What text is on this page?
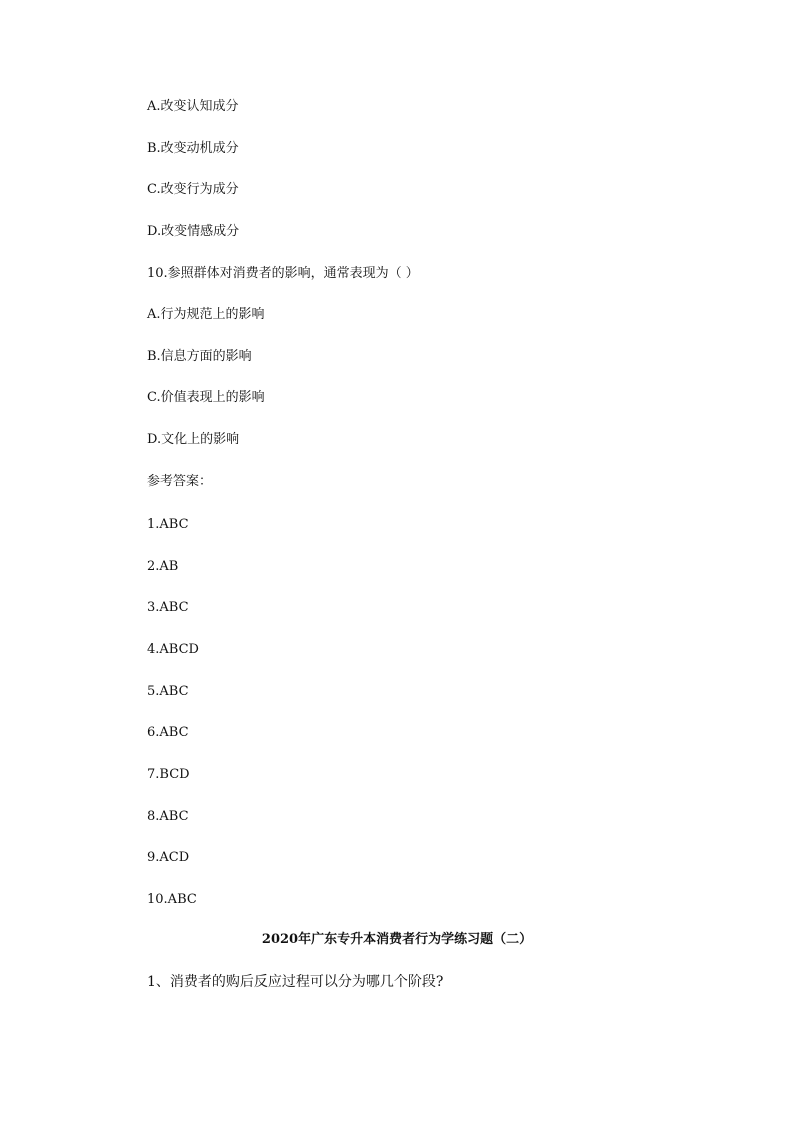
A.改变认知成分
B.改变动机成分
C.改变行为成分
D.改变情感成分
10.参照群体对消费者的影响，通常表现为（ ）
A.行为规范上的影响
B.信息方面的影响
C.价值表现上的影响
D.文化上的影响
参考答案：
1.ABC
2.AB
3.ABC
4.ABCD
5.ABC
6.ABC
7.BCD
8.ABC
9.ACD
10.ABC
2020年广东专升本消费者行为学练习题（二）
1、消费者的购后反应过程可以分为哪几个阶段?
